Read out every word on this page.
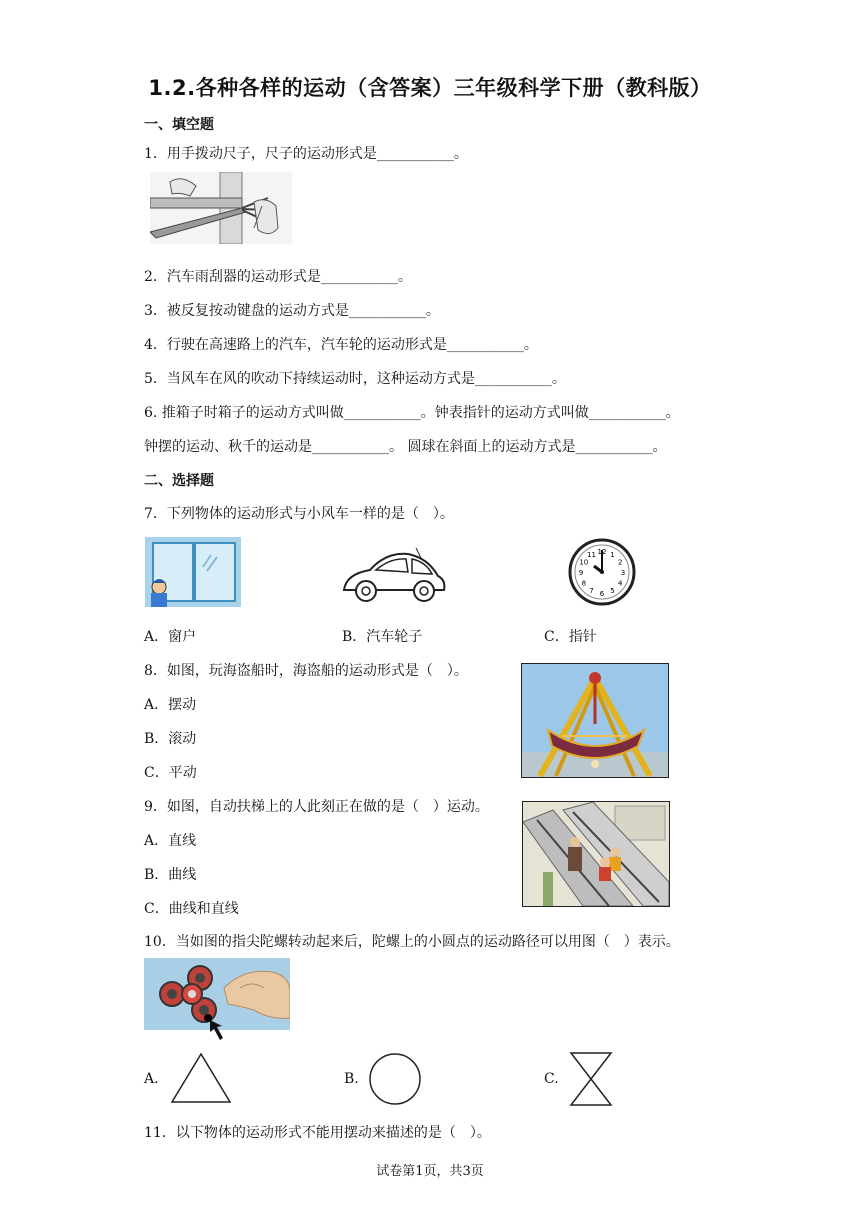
1.2.各种各样的运动（含答案）三年级科学下册（教科版）
一、填空题
1．用手拨动尺子，尺子的运动形式是___________。
2．汽车雨刮器的运动形式是___________。
3．被反复按动键盘的运动方式是___________。
4．行驶在高速路上的汽车，汽车轮的运动形式是___________。
5．当风车在风的吹动下持续运动时，这种运动方式是___________。
6. 推箱子时箱子的运动方式叫做___________。钟表指针的运动方式叫做___________。
钟摆的运动、秋千的运动是___________。 圆球在斜面上的运动方式是___________。
二、选择题
7．下列物体的运动形式与小风车一样的是（　）。
12 1
2
3
4
5
6
7
8
9
10
11
A．窗户	B．汽车轮子	C．指针
8．如图，玩海盗船时，海盗船的运动形式是（　）。
A．摆动
B．滚动
C．平动
9．如图，自动扶梯上的人此刻正在做的是（　）运动。
A．直线
B．曲线
C．曲线和直线
10．当如图的指尖陀螺转动起来后，陀螺上的小圆点的运动路径可以用图（　）表示。
A.	B.	C.
11．以下物体的运动形式不能用摆动来描述的是（　）。
试卷第1页，共3页
